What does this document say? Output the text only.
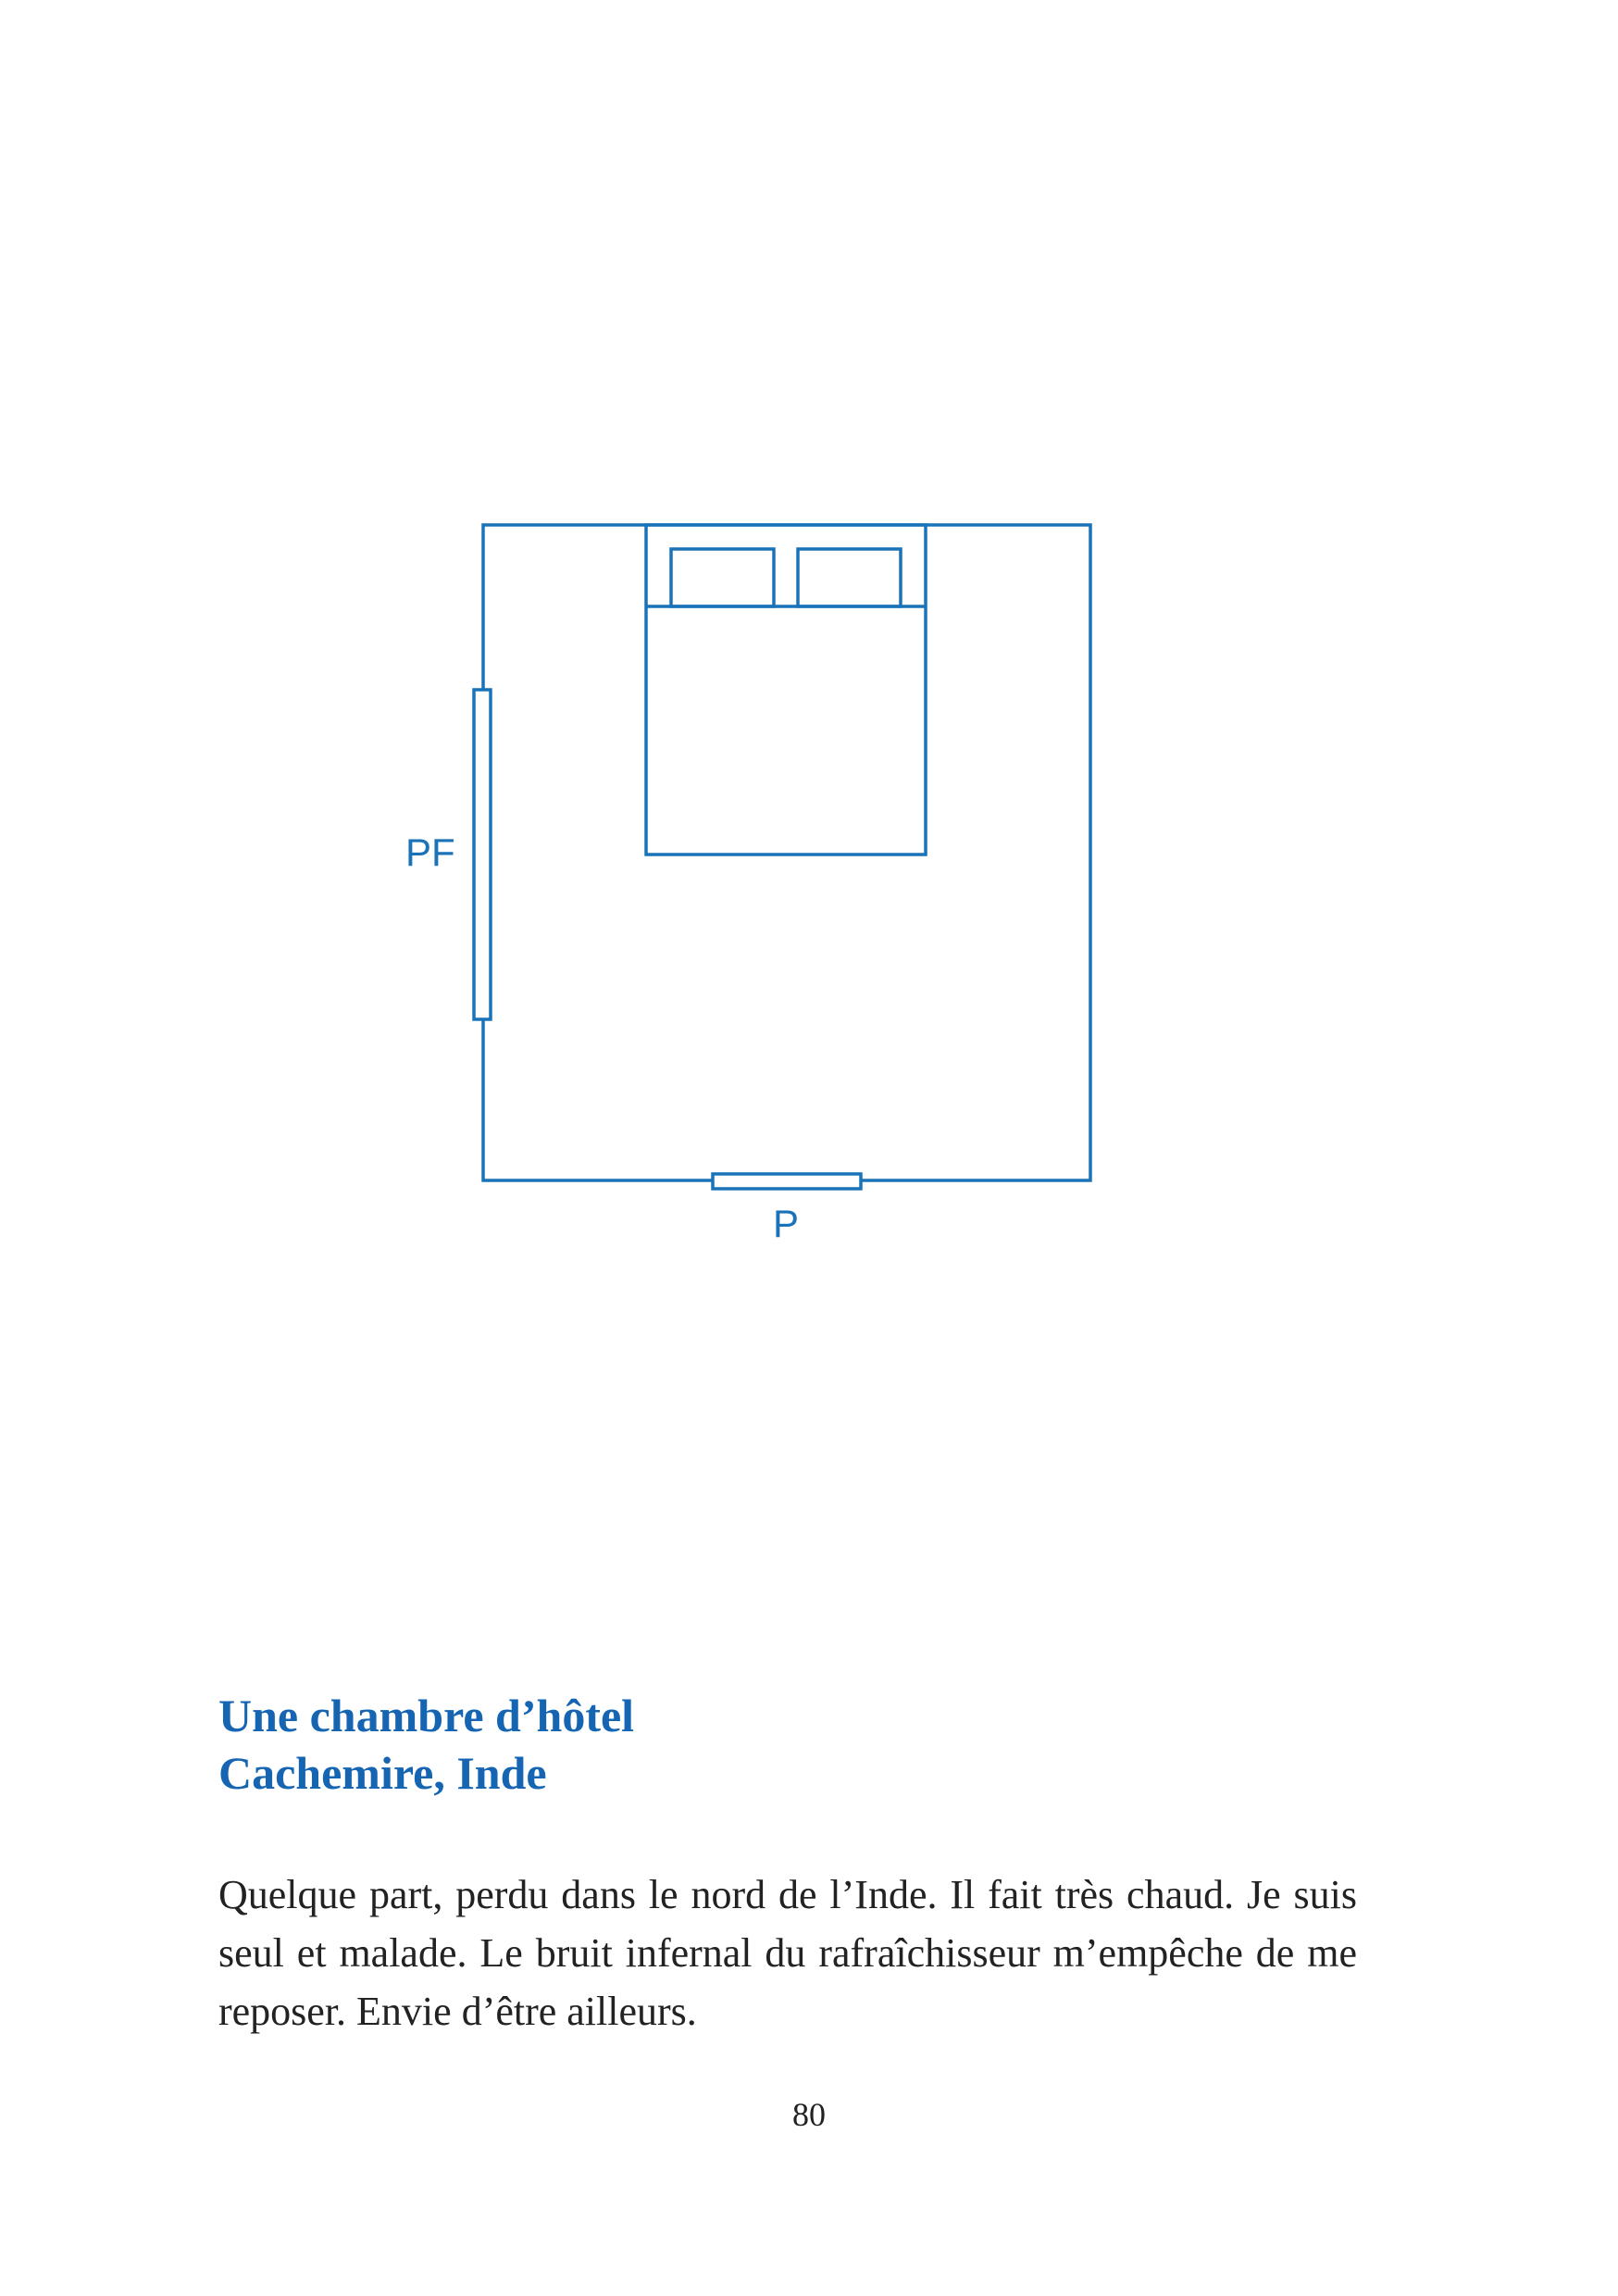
PF
P
Une chambre d’hôtel
Cachemire, Inde
Quelque part, perdu dans le nord de l’Inde. Il fait très chaud. Je suis seul et malade. Le bruit infernal du rafraîchisseur m’empêche de me reposer. Envie d’être ailleurs.
80
